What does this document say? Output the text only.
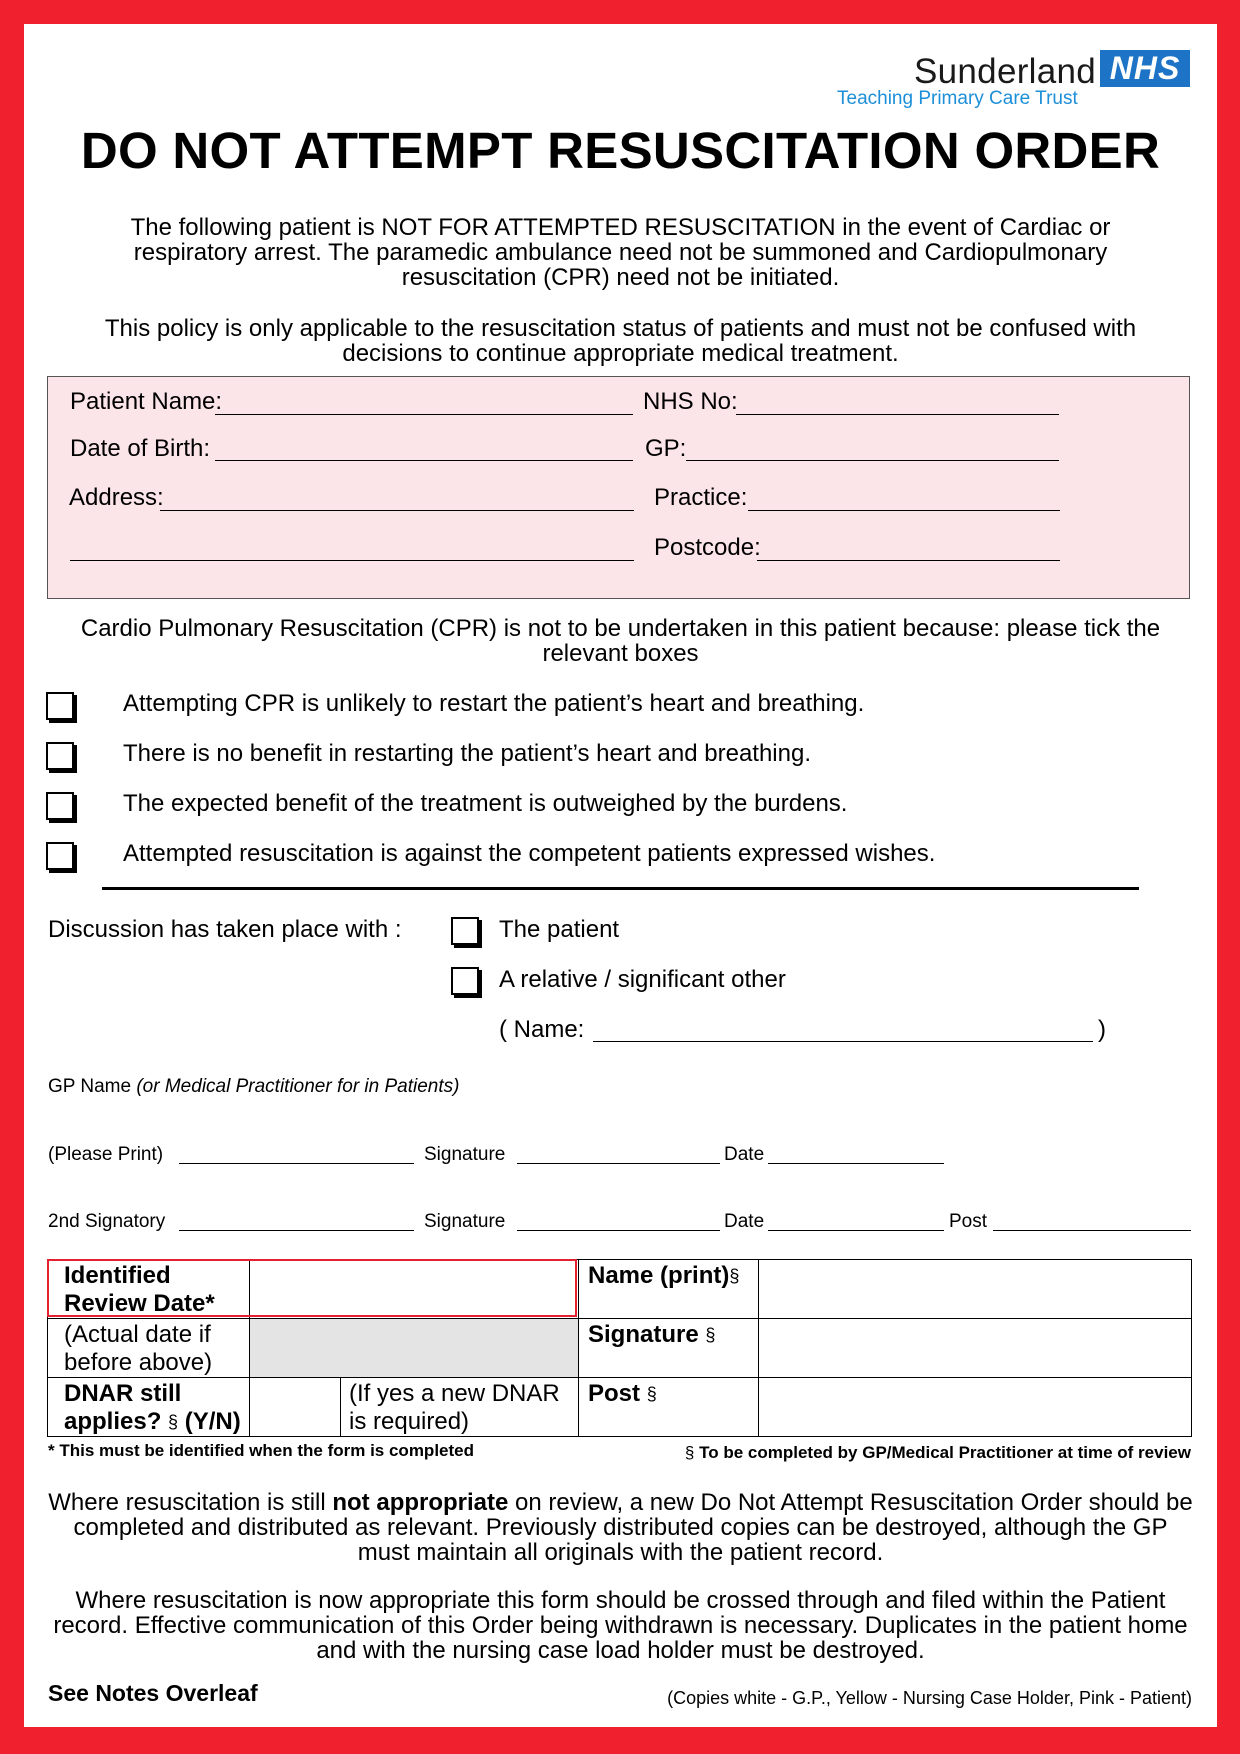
Sunderland NHS
Teaching Primary Care Trust
DO NOT ATTEMPT RESUSCITATION ORDER
The following patient is NOT FOR ATTEMPTED RESUSCITATION in the event of Cardiac or respiratory arrest. The paramedic ambulance need not be summoned and Cardiopulmonary resuscitation (CPR) need not be initiated.
This policy is only applicable to the resuscitation status of patients and must not be confused with decisions to continue appropriate medical treatment.
Patient Name:	NHS No:
Date of Birth:	GP:
Address:	Practice:
Postcode:
Cardio Pulmonary Resuscitation (CPR) is not to be undertaken in this patient because: please tick the relevant boxes
Attempting CPR is unlikely to restart the patient’s heart and breathing.
There is no benefit in restarting the patient’s heart and breathing.
The expected benefit of the treatment is outweighed by the burdens.
Attempted resuscitation is against the competent patients expressed wishes.
Discussion has taken place with :	The patient
A relative / significant other
( Name:	)
GP Name (or Medical Practitioner for in Patients)
(Please Print)	Signature	Date
2nd Signatory	Signature	Date	Post
Identified Review Date*			Name (print)§	
(Actual date if before above)			Signature §	
DNAR still applies? § (Y/N)		(If yes a new DNAR is required)	Post §	
* This must be identified when the form is completed	§ To be completed by GP/Medical Practitioner at time of review
Where resuscitation is still not appropriate on review, a new Do Not Attempt Resuscitation Order should be completed and distributed as relevant. Previously distributed copies can be destroyed, although the GP must maintain all originals with the patient record.
Where resuscitation is now appropriate this form should be crossed through and filed within the Patient record. Effective communication of this Order being withdrawn is necessary. Duplicates in the patient home and with the nursing case load holder must be destroyed.
See Notes Overleaf	(Copies white - G.P., Yellow - Nursing Case Holder, Pink - Patient)
